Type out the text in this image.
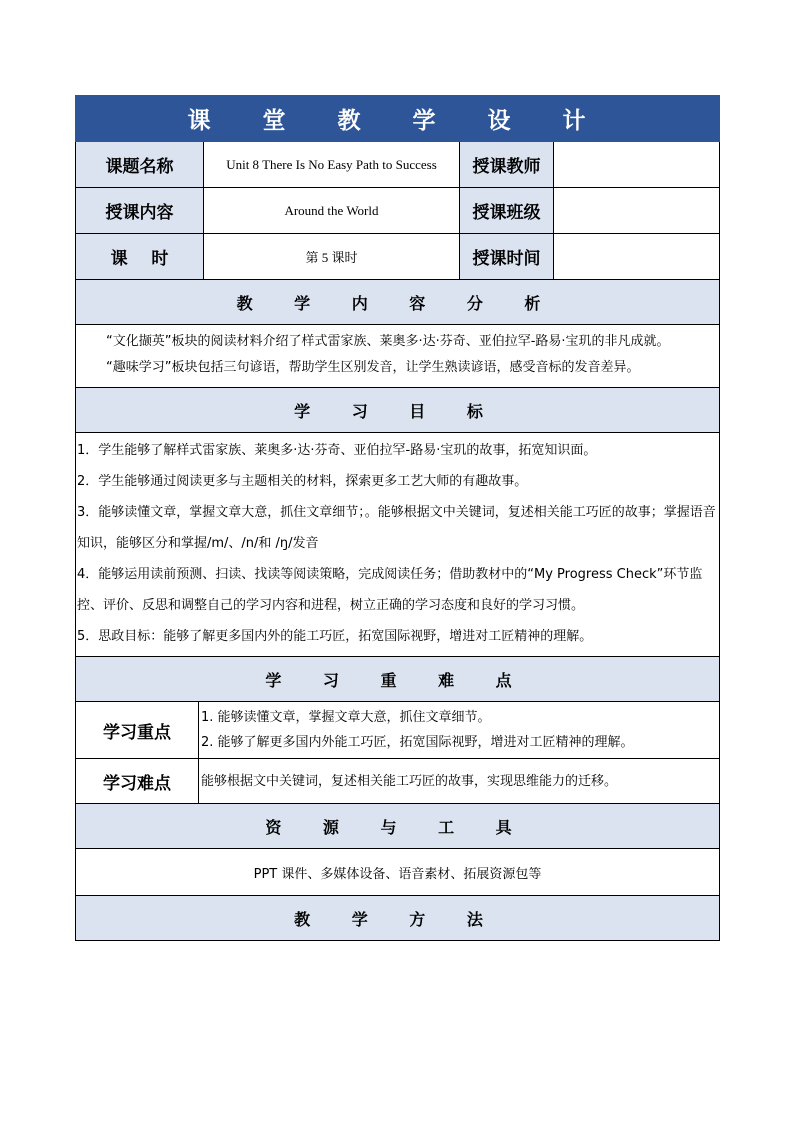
课 堂 教 学 设 计			
课题名称	Unit 8 There Is No Easy Path to Success	授课教师	
授课内容	Around the World	授课班级	
课    时	第 5 课时	授课时间	
教 学 内 容 分 析	

“文化撷英”板块的阅读材料介绍了样式雷家族、莱奥多·达·芬奇、亚伯拉罕-路易·宝玑的非凡成就。

“趣味学习”板块包括三句谚语，帮助学生区别发音，让学生熟读谚语，感受音标的发音差异。	

学 习 目 标	

1．学生能够了解样式雷家族、莱奥多·达·芬奇、亚伯拉罕-路易·宝玑的故事，拓宽知识面。

2．学生能够通过阅读更多与主题相关的材料，探索更多工艺大师的有趣故事。

3．能够读懂文章，掌握文章大意，抓住文章细节；。能够根据文中关键词，复述相关能工巧匠的故事；掌握语音知识，能够区分和掌握/m/、/n/和 /ŋ/发音

4．能够运用读前预测、扫读、找读等阅读策略，完成阅读任务；借助教材中的“My Progress Check”环节监控、评价、反思和调整自己的学习内容和进程，树立正确的学习态度和良好的学习习惯。

5．思政目标：能够了解更多国内外的能工巧匠，拓宽国际视野，增进对工匠精神的理解。	

学 习 重 难 点	
学习重点	1. 能够读懂文章，掌握文章大意，抓住文章细节。

2. 能够了解更多国内外能工巧匠，拓宽国际视野，增进对工匠精神的理解。

学习难点	能够根据文中关键词，复述相关能工巧匠的故事，实现思维能力的迁移。
资 源 与 工 具	
PPT 课件、多媒体设备、语音素材、拓展资源包等	
教 学 方 法	
